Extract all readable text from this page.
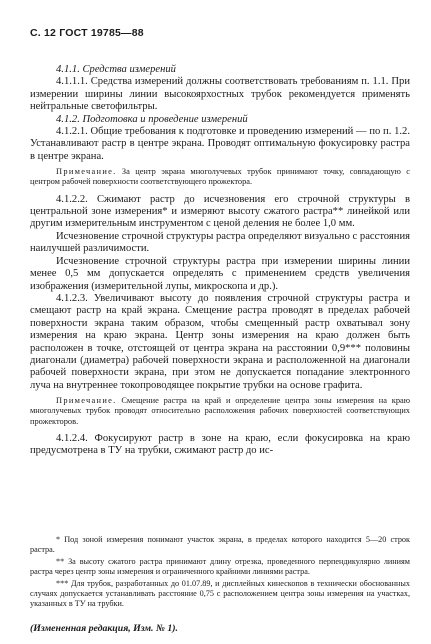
С. 12 ГОСТ 19785—88

4.1.1. Средства измерений

4.1.1.1. Средства измерений должны соответствовать требованиям п. 1.1. При измерении ширины линии высокоярхостных трубок рекомендуется применять нейтральные светофильтры.

4.1.2. Подготовка и проведение измерений

4.1.2.1. Общие требования к подготовке и проведению измерений — по п. 1.2. Устанавливают растр в центре экрана. Проводят оптимальную фокусировку растра в центре экрана.

Примечание. За центр экрана многолучевых трубок принимают точку, совпадающую с центром рабочей поверхности соответствующего прожектора.

4.1.2.2. Сжимают растр до исчезновения его строчной структуры в центральной зоне измерения* и измеряют высоту сжатого растра** линейкой или другим измерительным инструментом с ценой деления не более 1,0 мм.

Исчезновение строчной структуры растра определяют визуально с расстояния наилучшей различимости.

Исчезновение строчной структуры растра при измерении ширины линии менее 0,5 мм допускается определять с применением средств увеличения изображения (измерительной лупы, микроскопа и др.).

4.1.2.3. Увеличивают высоту до появления строчной структуры растра и смещают растр на край экрана. Смещение растра проводят в пределах рабочей поверхности экрана таким образом, чтобы смещенный растр охватывал зону измерения на краю экрана. Центр зоны измерения на краю должен быть расположен в точке, отстоящей от центра экрана на расстоянии 0,9*** половины диагонали (диаметра) рабочей поверхности экрана и расположенной на диагонали рабочей поверхности экрана, при этом не допускается попадание электронного луча на внутреннее токопроводящее покрытие трубки на основе графита.

Примечание. Смещение растра на край и определение центра зоны измерения на краю многолучевых трубок проводят относительно расположения рабочих поверхностей соответствующих прожекторов.

4.1.2.4. Фокусируют растр в зоне на краю, если фокусировка на краю предусмотрена в ТУ на трубки, сжимают растр до ис-

* Под зоной измерения понимают участок экрана, в пределах которого находится 5—20 строк растра.

** За высоту сжатого растра принимают длину отрезка, проведенного перпендикулярно линиям растра через центр зоны измерения и ограниченного крайними линиями растра.

*** Для трубок, разработанных до 01.07.89, и дисплейных кинескопов в технически обоснованных случаях допускается устанавливать расстояние 0,75 с расположением центра зоны измерения на участках, указанных в ТУ на трубки.

(Измененная редакция, Изм. № 1).
